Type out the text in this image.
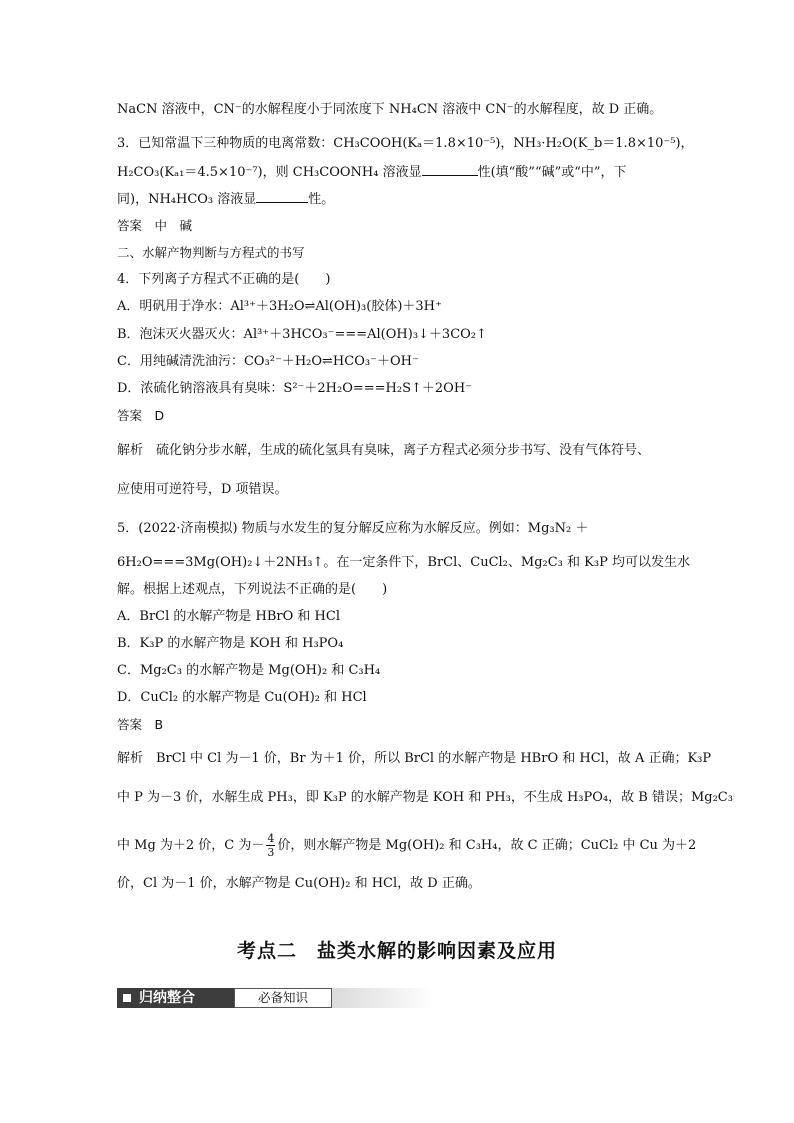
NaCN 溶液中，CN⁻的水解程度小于同浓度下 NH₄CN 溶液中 CN⁻的水解程度，故 D 正确。
3．已知常温下三种物质的电离常数：CH₃COOH(Kₐ＝1.8×10⁻⁵)，NH₃·H₂O(K_b＝1.8×10⁻⁵)，
H₂CO₃(Kₐ₁＝4.5×10⁻⁷)，则 CH₃COONH₄ 溶液显	性(填“酸”“碱”或“中”，下
同)，NH₄HCO₃ 溶液显	性。
答案　中　碱
二、水解产物判断与方程式的书写
4．下列离子方程式不正确的是(　　)
A．明矾用于净水：Al³⁺＋3H₂O⇌Al(OH)₃(胶体)＋3H⁺
B．泡沫灭火器灭火：Al³⁺＋3HCO₃⁻===Al(OH)₃↓＋3CO₂↑
C．用纯碱清洗油污：CO₃²⁻＋H₂O⇌HCO₃⁻＋OH⁻
D．浓硫化钠溶液具有臭味：S²⁻＋2H₂O===H₂S↑＋2OH⁻
答案　D
解析　硫化钠分步水解，生成的硫化氢具有臭味，离子方程式必须分步书写、没有气体符号、
应使用可逆符号，D 项错误。
5．(2022·济南模拟) 物质与水发生的复分解反应称为水解反应。例如：Mg₃N₂ ＋
6H₂O===3Mg(OH)₂↓＋2NH₃↑。在一定条件下，BrCl、CuCl₂、Mg₂C₃ 和 K₃P 均可以发生水
解。根据上述观点，下列说法不正确的是(　　)
A．BrCl 的水解产物是 HBrO 和 HCl
B．K₃P 的水解产物是 KOH 和 H₃PO₄
C．Mg₂C₃ 的水解产物是 Mg(OH)₂ 和 C₃H₄
D．CuCl₂ 的水解产物是 Cu(OH)₂ 和 HCl
答案　B
解析　BrCl 中 Cl 为－1 价，Br 为＋1 价，所以 BrCl 的水解产物是 HBrO 和 HCl，故 A 正确；K₃P
中 P 为－3 价，水解生成 PH₃，即 K₃P 的水解产物是 KOH 和 PH₃，不生成 H₃PO₄，故 B 错误；Mg₂C₃
中 Mg 为＋2 价，C 为－ $\frac{4}{3}$ 价，则水解产物是 Mg(OH)₂ 和 C₃H₄，故 C 正确；CuCl₂ 中 Cu 为＋2
价，Cl 为－1 价，水解产物是 Cu(OH)₂ 和 HCl，故 D 正确。
考点二　盐类水解的影响因素及应用
归纳整合	必备知识
